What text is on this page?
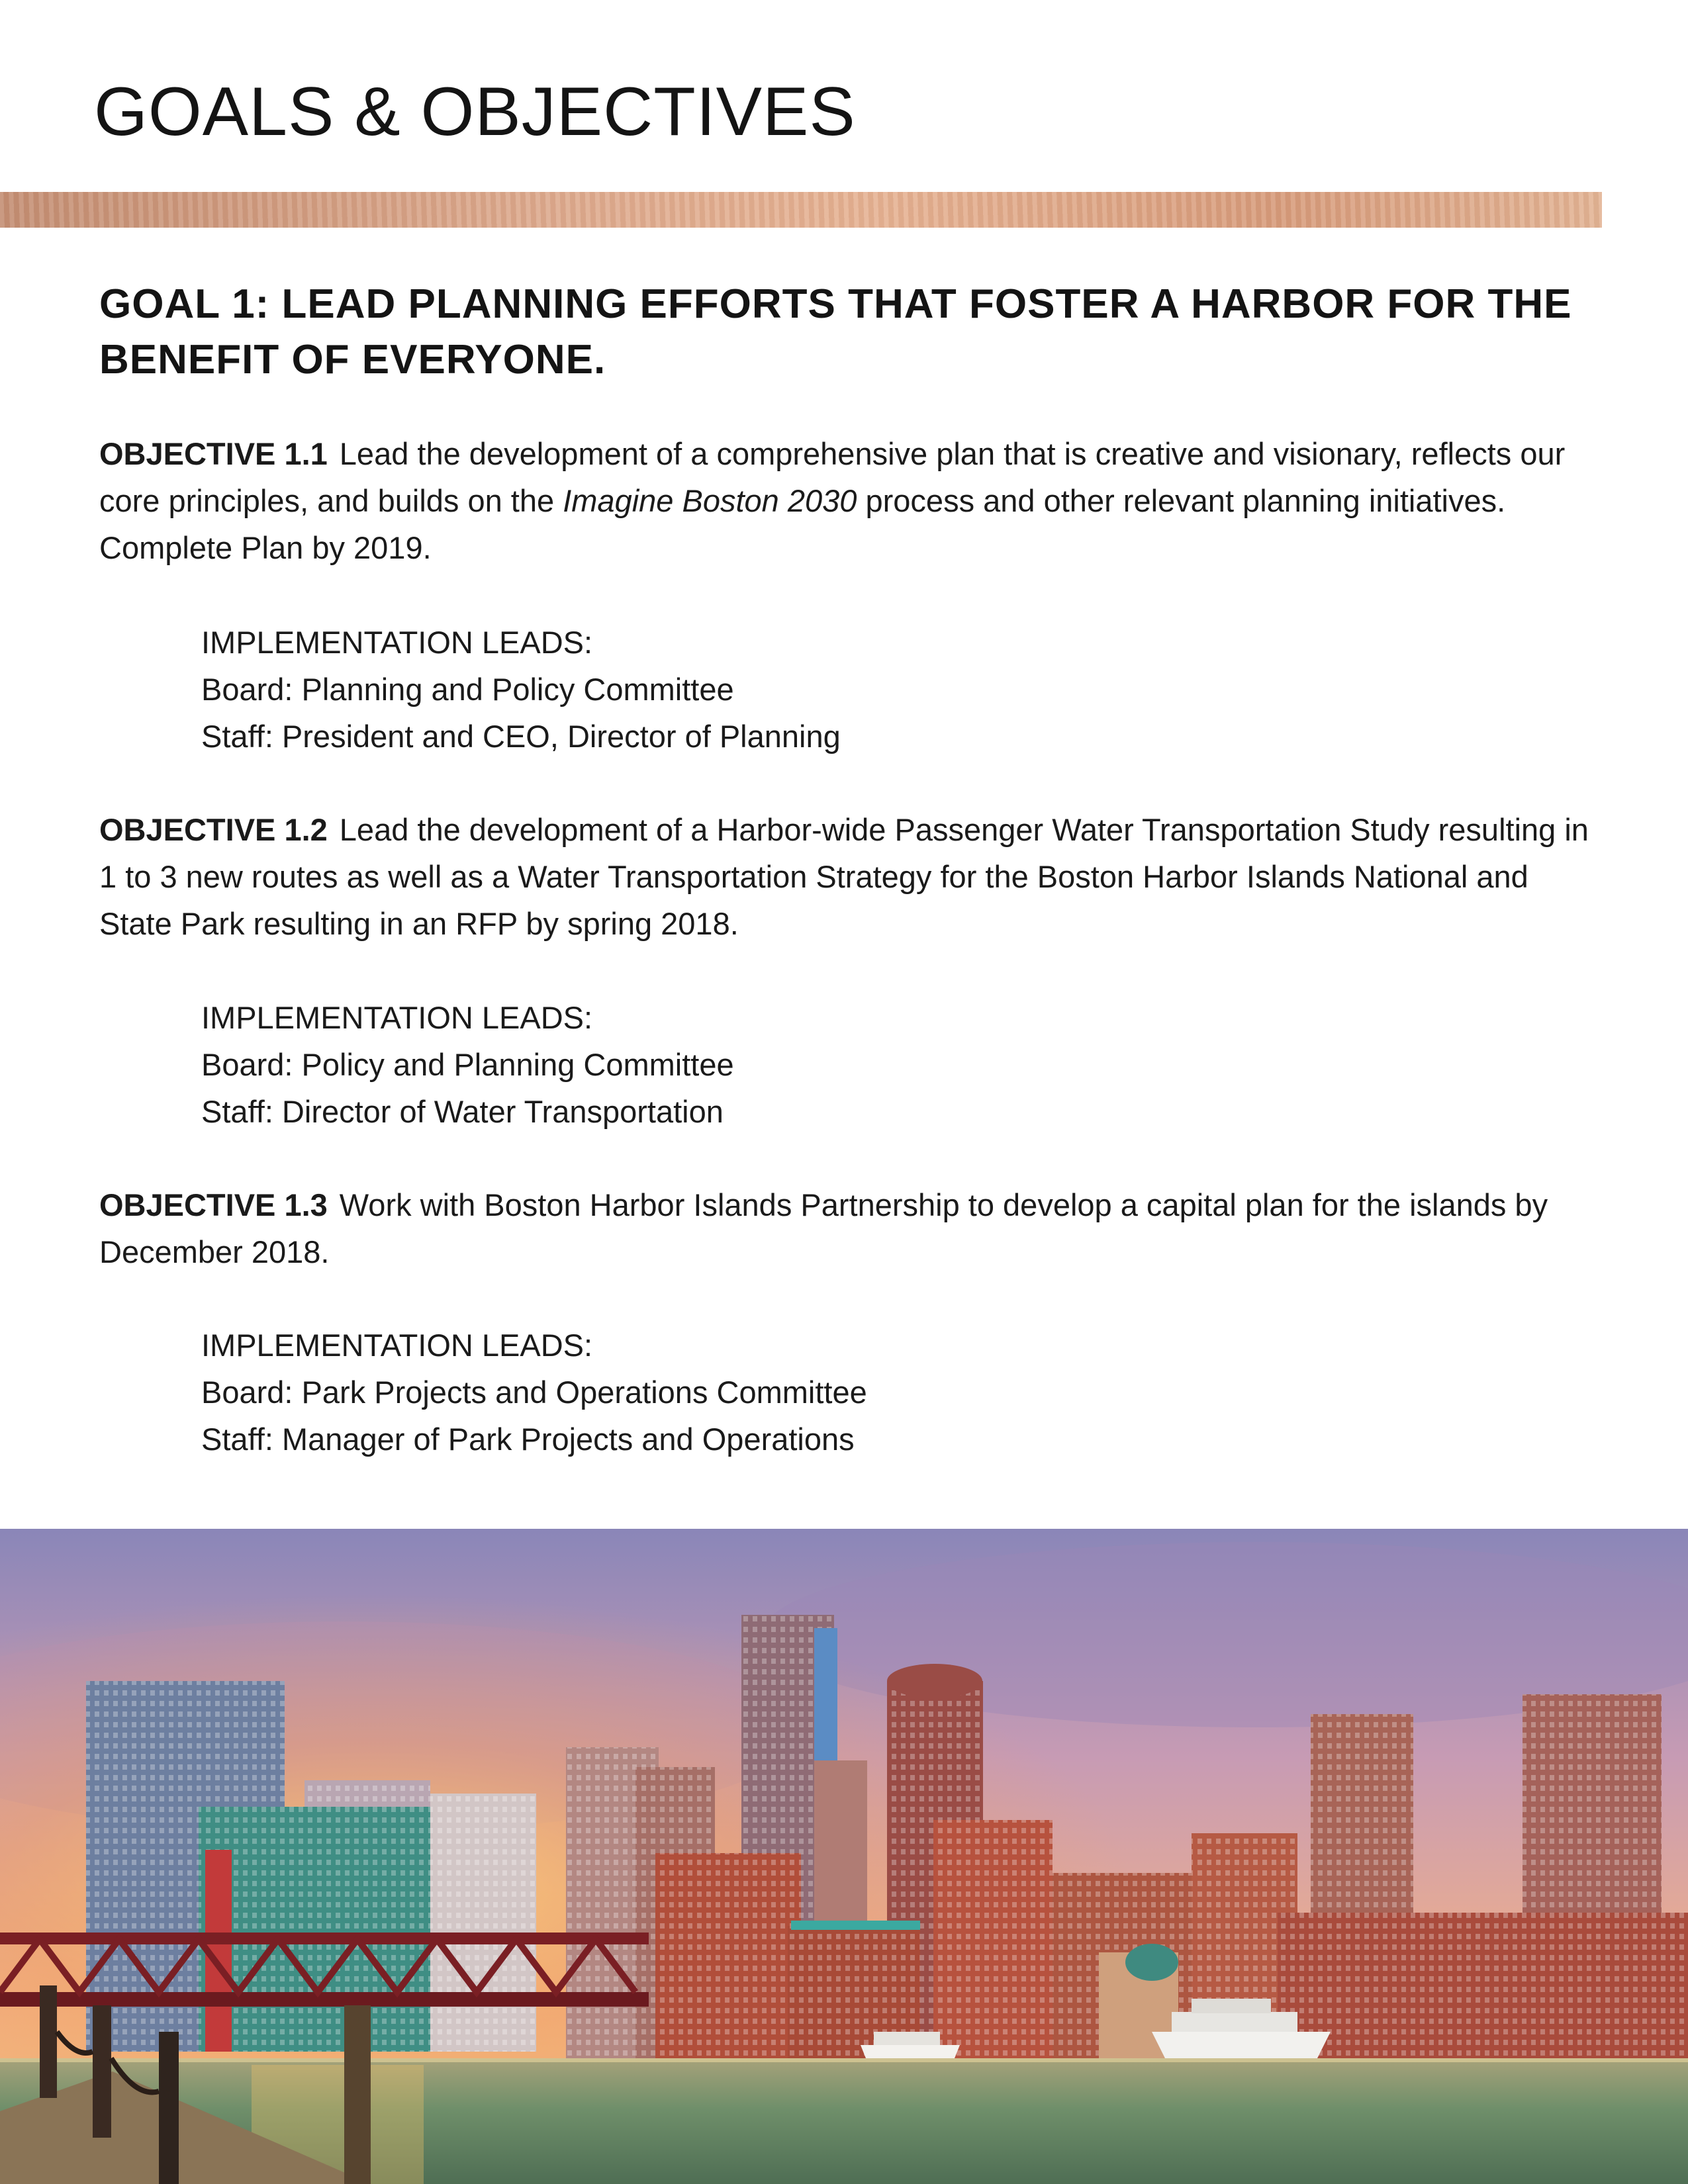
GOALS & OBJECTIVES
GOAL 1: LEAD PLANNING EFFORTS THAT FOSTER A HARBOR FOR THE BENEFIT OF EVERYONE.

OBJECTIVE 1.1 Lead the development of a comprehensive plan that is creative and visionary, reflects our core principles, and builds on the Imagine Boston 2030 process and other relevant planning initiatives. Complete Plan by 2019.

IMPLEMENTATION LEADS:
Board: Planning and Policy Committee
Staff: President and CEO, Director of Planning

OBJECTIVE 1.2 Lead the development of a Harbor-wide Passenger Water Transportation Study resulting in 1 to 3 new routes as well as a Water Transportation Strategy for the Boston Harbor Islands National and State Park resulting in an RFP by spring 2018.

IMPLEMENTATION LEADS:
Board: Policy and Planning Committee
Staff: Director of Water Transportation

OBJECTIVE 1.3 Work with Boston Harbor Islands Partnership to develop a capital plan for the islands by December 2018.

IMPLEMENTATION LEADS:
Board: Park Projects and Operations Committee
Staff: Manager of Park Projects and Operations
